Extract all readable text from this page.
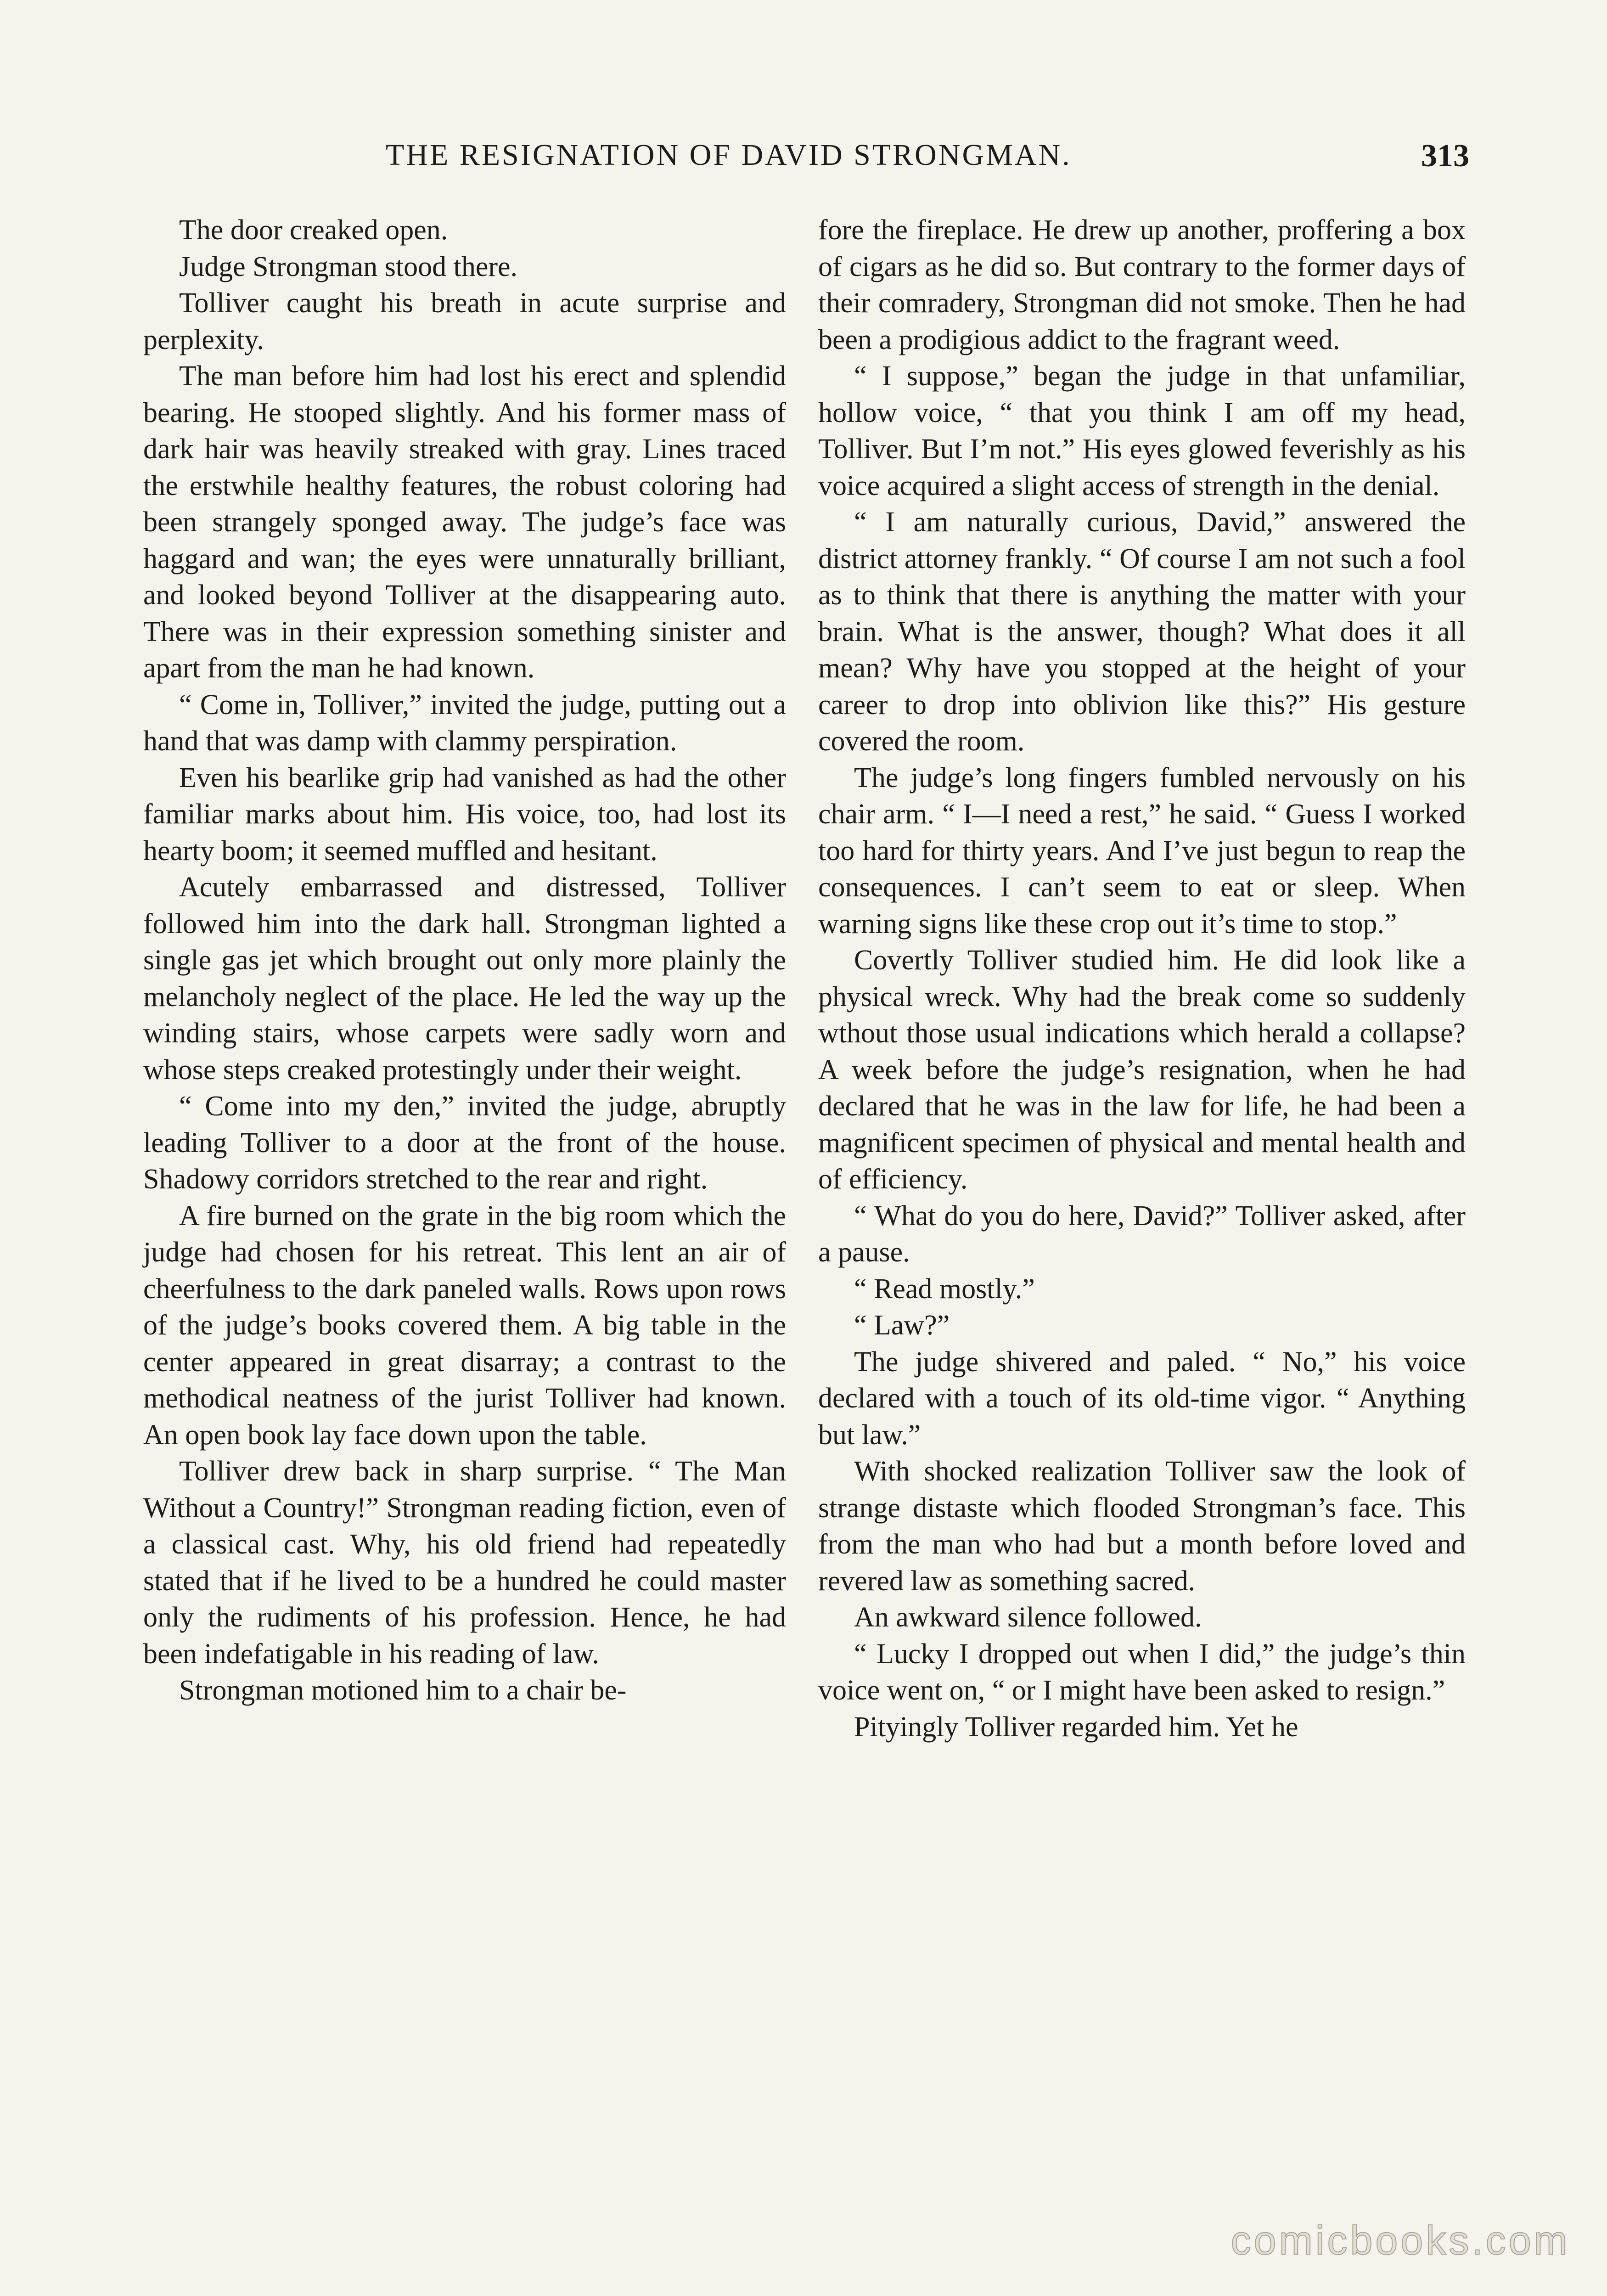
THE RESIGNATION OF DAVID STRONGMAN.	313

The door creaked open.

Judge Strongman stood there.

Tolliver caught his breath in acute surprise and perplexity.

The man before him had lost his erect and splendid bearing. He stooped slightly. And his former mass of dark hair was heavily streaked with gray. Lines traced the erstwhile healthy features, the robust coloring had been strangely sponged away. The judge’s face was haggard and wan; the eyes were unnaturally brilliant, and looked beyond Tolliver at the disappearing auto. There was in their expression something sinister and apart from the man he had known.

“ Come in, Tolliver,” invited the judge, putting out a hand that was damp with clammy perspiration.

Even his bearlike grip had vanished as had the other familiar marks about him. His voice, too, had lost its hearty boom; it seemed muffled and hesitant.

Acutely embarrassed and distressed, Tolliver followed him into the dark hall. Strongman lighted a single gas jet which brought out only more plainly the melancholy neglect of the place. He led the way up the winding stairs, whose carpets were sadly worn and whose steps creaked protestingly under their weight.

“ Come into my den,” invited the judge, abruptly leading Tolliver to a door at the front of the house. Shadowy corridors stretched to the rear and right.

A fire burned on the grate in the big room which the judge had chosen for his retreat. This lent an air of cheerfulness to the dark paneled walls. Rows upon rows of the judge’s books covered them. A big table in the center appeared in great disarray; a contrast to the methodical neatness of the jurist Tolliver had known. An open book lay face down upon the table.

Tolliver drew back in sharp surprise. “ The Man Without a Country!” Strongman reading fiction, even of a classical cast. Why, his old friend had repeatedly stated that if he lived to be a hundred he could master only the rudiments of his profession. Hence, he had been indefatigable in his reading of law.

Strongman motioned him to a chair be-

fore the fireplace. He drew up another, proffering a box of cigars as he did so. But contrary to the former days of their comradery, Strongman did not smoke. Then he had been a prodigious addict to the fragrant weed.

“ I suppose,” began the judge in that unfamiliar, hollow voice, “ that you think I am off my head, Tolliver. But I’m not.” His eyes glowed feverishly as his voice acquired a slight access of strength in the denial.

“ I am naturally curious, David,” answered the district attorney frankly. “ Of course I am not such a fool as to think that there is anything the matter with your brain. What is the answer, though? What does it all mean? Why have you stopped at the height of your career to drop into oblivion like this?” His gesture covered the room.

The judge’s long fingers fumbled nervously on his chair arm. “ I—I need a rest,” he said. “ Guess I worked too hard for thirty years. And I’ve just begun to reap the consequences. I can’t seem to eat or sleep. When warning signs like these crop out it’s time to stop.”

Covertly Tolliver studied him. He did look like a physical wreck. Why had the break come so suddenly wthout those usual indications which herald a collapse? A week before the judge’s resignation, when he had declared that he was in the law for life, he had been a magnificent specimen of physical and mental health and of efficiency.

“ What do you do here, David?” Tolliver asked, after a pause.

“ Read mostly.”

“ Law?”

The judge shivered and paled. “ No,” his voice declared with a touch of its old-time vigor. “ Anything but law.”

With shocked realization Tolliver saw the look of strange distaste which flooded Strongman’s face. This from the man who had but a month before loved and revered law as something sacred.

An awkward silence followed.

“ Lucky I dropped out when I did,” the judge’s thin voice went on, “ or I might have been asked to resign.”

Pityingly Tolliver regarded him. Yet he

comicbooks.com
